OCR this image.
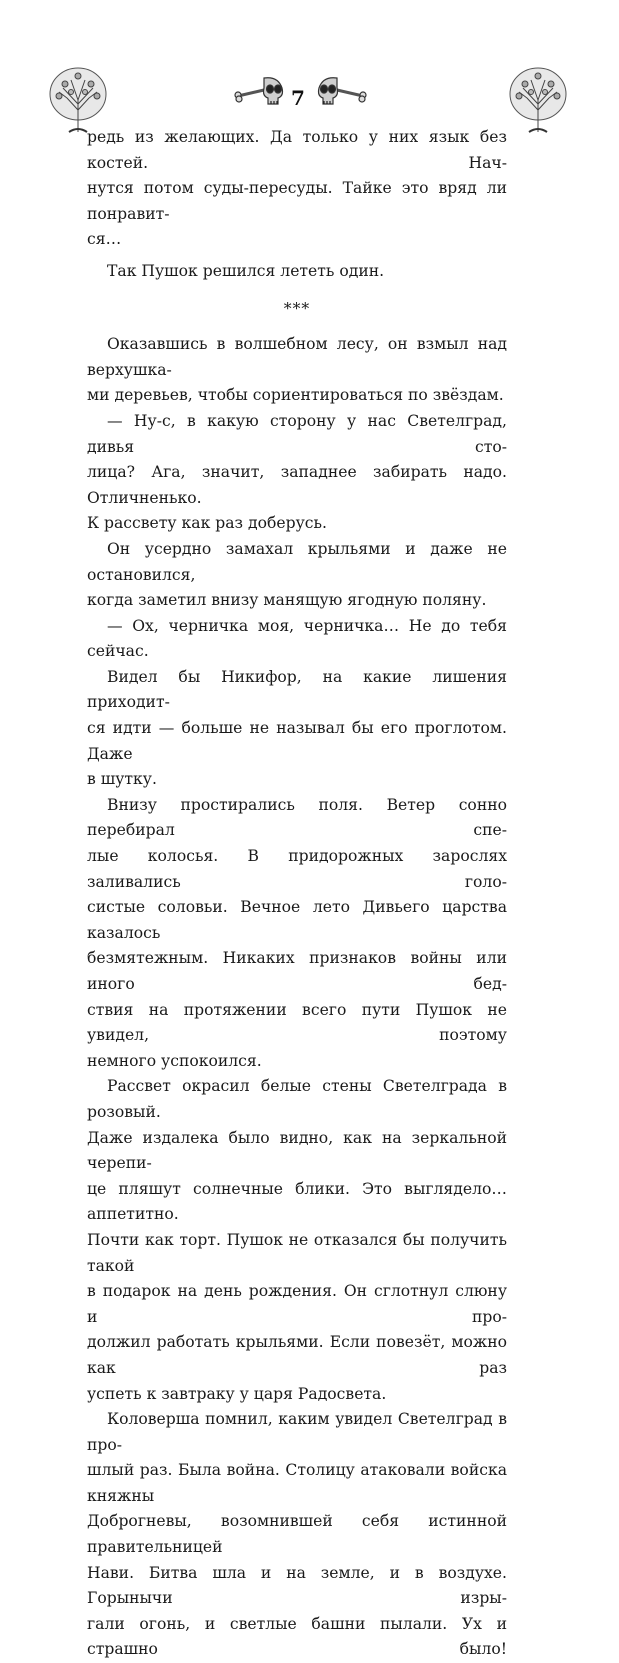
7

редь из желающих. Да только у них язык без костей. Нач-

нутся потом суды-пересуды. Тайке это вряд ли понравит-

ся…

Так Пушок решился лететь один.

***

Оказавшись в волшебном лесу, он взмыл над верхушка-

ми деревьев, чтобы сориентироваться по звёздам.

— Ну-с, в какую сторону у нас Светелград, дивья сто-

лица? Ага, значит, западнее забирать надо. Отличненько.

К рассвету как раз доберусь.

Он усердно замахал крыльями и даже не остановился,

когда заметил внизу манящую ягодную поляну.

— Ох, черничка моя, черничка… Не до тебя сейчас.

Видел бы Никифор, на какие лишения приходит-

ся идти — больше не называл бы его проглотом. Даже

в шутку.

Внизу простирались поля. Ветер сонно перебирал спе-

лые колосья. В придорожных зарослях заливались голо-

систые соловьи. Вечное лето Дивьего царства казалось

безмятежным. Никаких признаков войны или иного бед-

ствия на протяжении всего пути Пушок не увидел, поэтому

немного успокоился.

Рассвет окрасил белые стены Светелграда в розовый.

Даже издалека было видно, как на зеркальной черепи-

це пляшут солнечные блики. Это выглядело… аппетитно.

Почти как торт. Пушок не отказался бы получить такой

в подарок на день рождения. Он сглотнул слюну и про-

должил работать крыльями. Если повезёт, можно как раз

успеть к завтраку у царя Радосвета.

Коловерша помнил, каким увидел Светелград в про-

шлый раз. Была война. Столицу атаковали войска княжны

Доброгневы, возомнившей себя истинной правительницей

Нави. Битва шла и на земле, и в воздухе. Горынычи изры-

гали огонь, и светлые башни пылали. Ух и страшно было!
